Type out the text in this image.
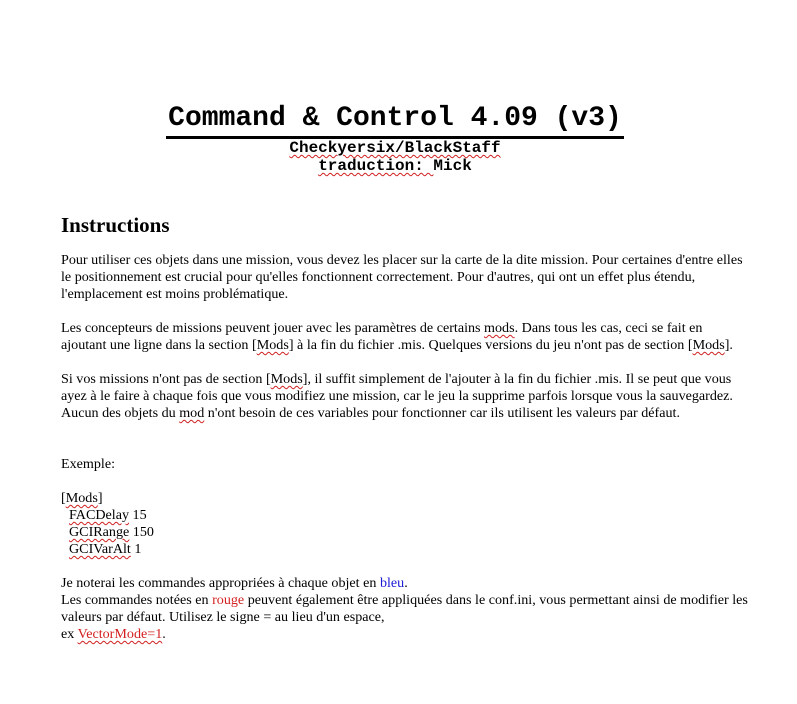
Command & Control 4.09 (v3)
Checkyersix/BlackStaff
traduction: Mick
Instructions

Pour utiliser ces objets dans une mission, vous devez les placer sur la carte de la dite mission. Pour certaines d'entre elles le positionnement est crucial pour qu'elles fonctionnent correctement. Pour d'autres, qui ont un effet plus étendu, l'emplacement est moins problématique.

Les concepteurs de missions peuvent jouer avec les paramètres de certains mods. Dans tous les cas, ceci se fait en ajoutant une ligne dans la section [Mods] à la fin du fichier .mis. Quelques versions du jeu n'ont pas de section [Mods].

Si vos missions n'ont pas de section [Mods], il suffit simplement de l'ajouter à la fin du fichier .mis. Il se peut que vous ayez à le faire à chaque fois que vous modifiez une mission, car le jeu la supprime parfois lorsque vous la sauvegardez. Aucun des objets du mod n'ont besoin de ces variables pour fonctionner car ils utilisent les valeurs par défaut.

Exemple:

[Mods]
FACDelay 15
GCIRange 150
GCIVarAlt 1
Je noterai les commandes appropriées à chaque objet en bleu.
Les commandes notées en rouge peuvent également être appliquées dans le conf.ini, vous permettant ainsi de modifier les valeurs par défaut. Utilisez le signe = au lieu d'un espace,
ex VectorMode=1.
